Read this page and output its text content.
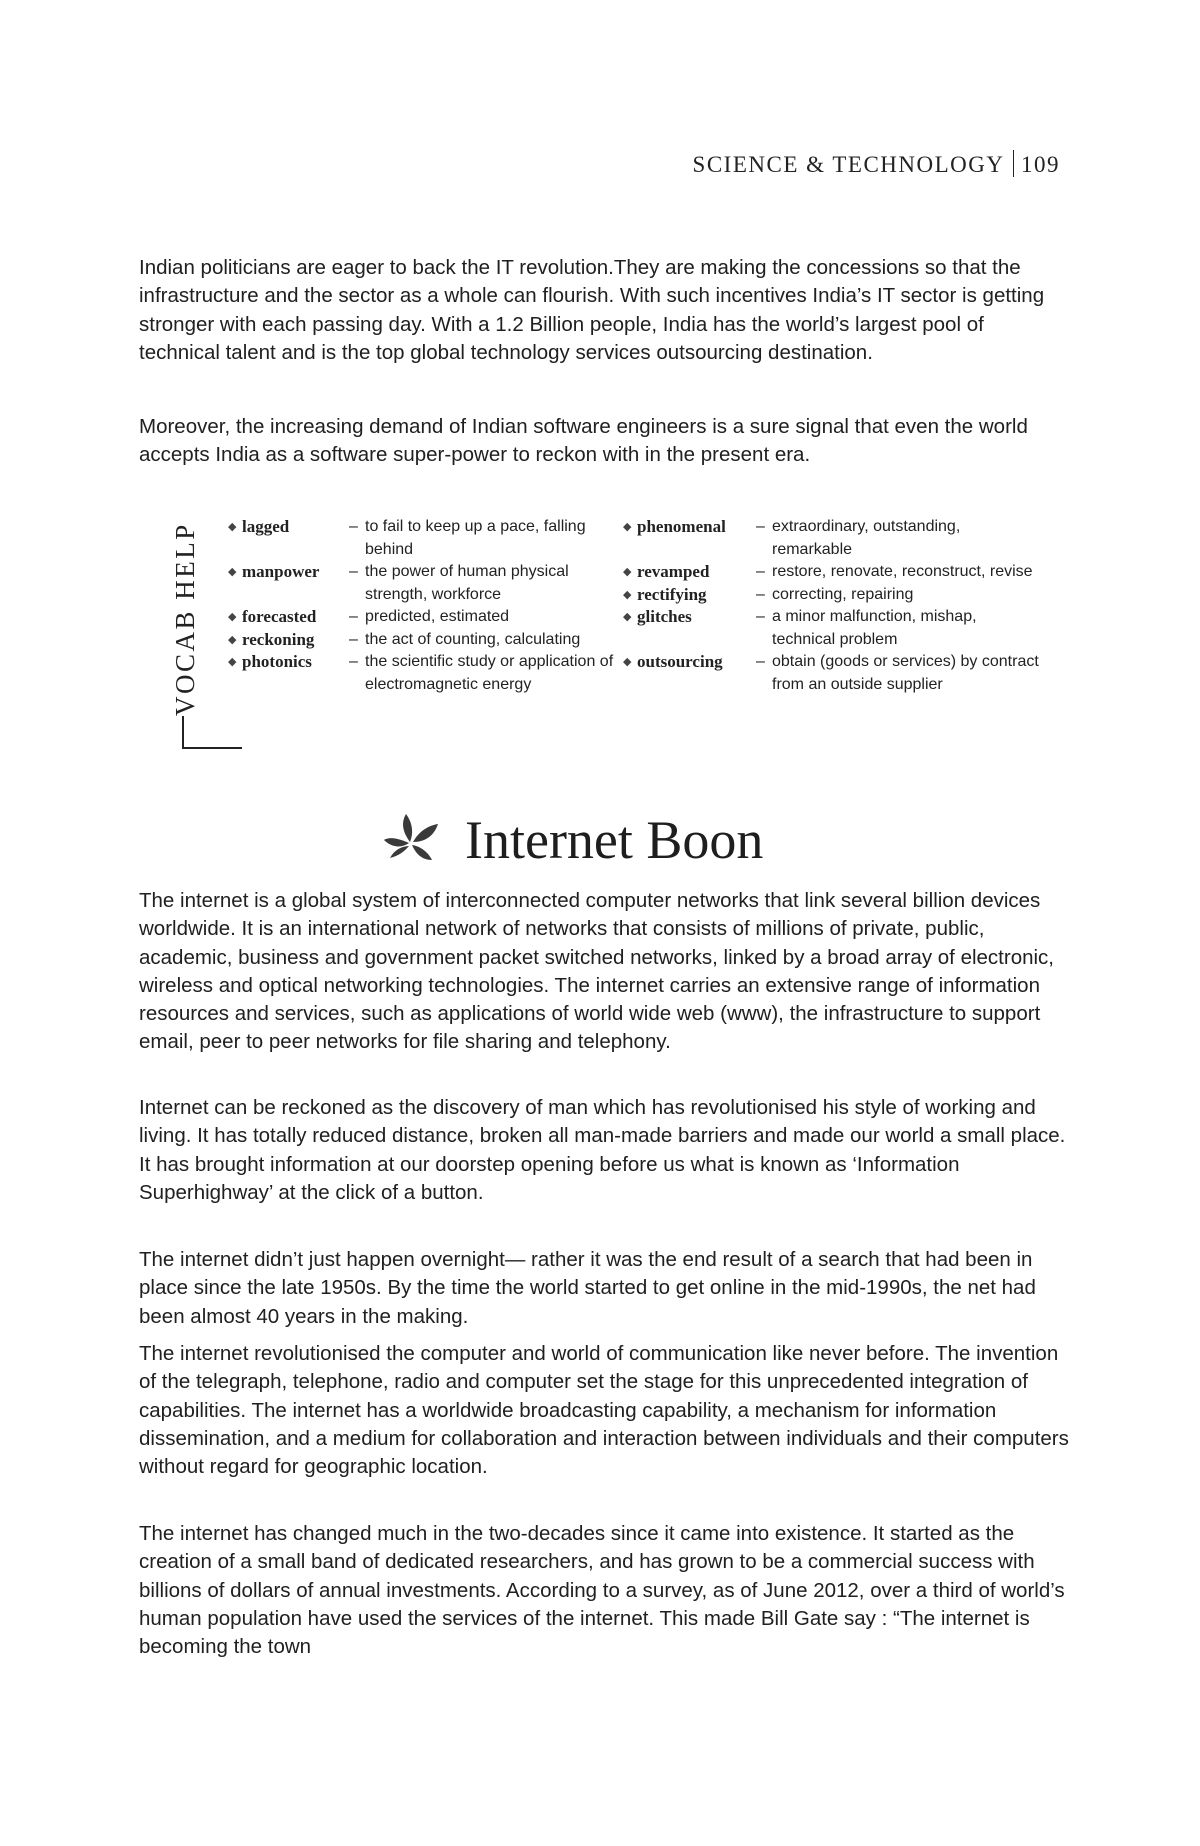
SCIENCE & TECHNOLOGY 109

Indian politicians are eager to back the IT revolution.They are making the concessions so that the infrastructure and the sector as a whole can flourish. With such incentives India’s IT sector is getting stronger with each passing day. With a 1.2 Billion people, India has the world’s largest pool of technical talent and is the top global technology services outsourcing destination.

Moreover, the increasing demand of Indian software engineers is a sure signal that even the world accepts India as a software super-power to reckon with in the present era.

VOCAB HELP	◆ lagged	– to fail to keep up a pace, falling behind
◆ manpower – the power of human physical strength, workforce
◆ forecasted – predicted, estimated
◆ reckoning – the act of counting, calculating
◆ photonics – the scientific study or application of electromagnetic energy
◆ phenomenal – extraordinary, outstanding, remarkable
◆ revamped	– restore, renovate, reconstruct, revise
◆ rectifying	– correcting, repairing
◆ glitches	– a minor malfunction, mishap, technical problem
◆ outsourcing – obtain (goods or services) by contract from an outside supplier
Internet Boon

The internet is a global system of interconnected computer networks that link several billion devices worldwide. It is an international network of networks that consists of millions of private, public, academic, business and government packet switched networks, linked by a broad array of electronic, wireless and optical networking technologies. The internet carries an extensive range of information resources and services, such as applications of world wide web (www), the infrastructure to support email, peer to peer networks for file sharing and telephony.

Internet can be reckoned as the discovery of man which has revolutionised his style of working and living. It has totally reduced distance, broken all man-made barriers and made our world a small place. It has brought information at our doorstep opening before us what is known as ‘Information Superhighway’ at the click of a button.

The internet didn’t just happen overnight— rather it was the end result of a search that had been in place since the late 1950s. By the time the world started to get online in the mid-1990s, the net had been almost 40 years in the making.

The internet revolutionised the computer and world of communication like never before. The invention of the telegraph, telephone, radio and computer set the stage for this unprecedented integration of capabilities. The internet has a worldwide broadcasting capability, a mechanism for information dissemination, and a medium for collaboration and interaction between individuals and their computers without regard for geographic location.

The internet has changed much in the two-decades since it came into existence. It started as the creation of a small band of dedicated researchers, and has grown to be a commercial success with billions of dollars of annual investments. According to a survey, as of June 2012, over a third of world’s human population have used the services of the internet. This made Bill Gate say : “The internet is becoming the town
